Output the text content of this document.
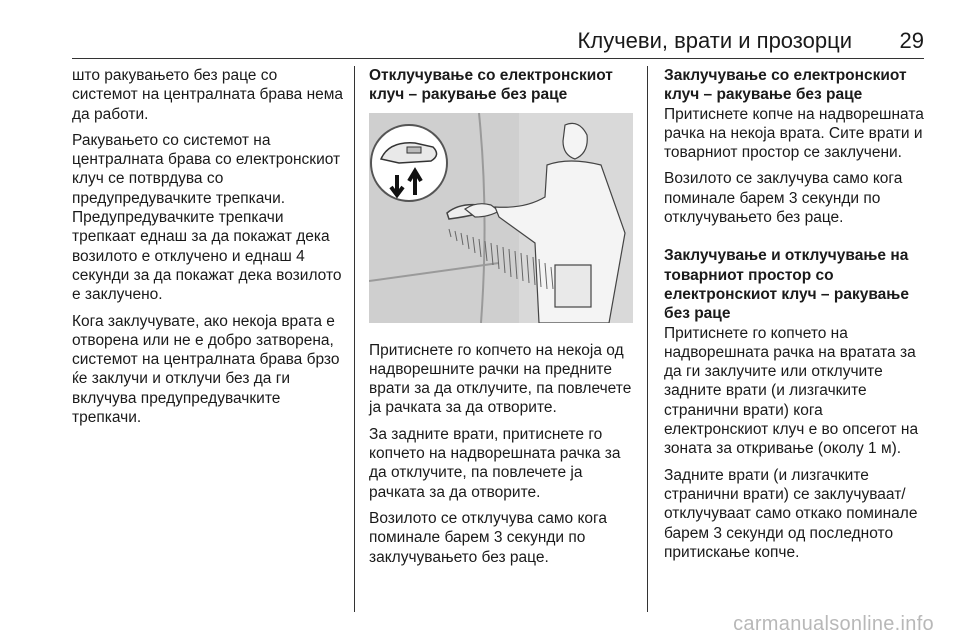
Клучеви, врати и прозорци 29

што ракувањето без раце со системот на централната брава нема да работи.

Ракувањето со системот на централната брава со електронскиот клуч се потврдува со предупредувачките трепкачи. Предупредувачките трепкачи трепкаат еднаш за да покажат дека возилото е отклучено и еднаш 4 секунди за да покажат дека возилото е заклучено.

Кога заклучувате, ако некоја врата е отворена или не е добро затворена, системот на централната брава брзо ќе заклучи и отклучи без да ги вклучува предупредувачките трепкачи.

Отклучување со електронскиот клуч – ракување без раце

Притиснете го копчето на некоја од надворешните рачки на предните врати за да отклучите, па повлечете ја рачката за да отворите.

За задните врати, притиснете го копчето на надворешната рачка за да отклучите, па повлечете ја рачката за да отворите.

Возилото се отклучува само кога поминале барем 3 секунди по заклучувањето без раце.

Заклучување со електронскиот клуч – ракување без раце

Притиснете копче на надворешната рачка на некоја врата. Сите врати и товарниот простор се заклучени.

Возилото се заклучува само кога поминале барем 3 секунди по отклучувањето без раце.

Заклучување и отклучување на товарниот простор со електронскиот клуч – ракување без раце

Притиснете го копчето на надворешната рачка на вратата за да ги заклучите или отклучите задните врати (и лизгачките странични врати) кога електронскиот клуч е во опсегот на зоната за откривање (околу 1 м).

Задните врати (и лизгачките странични врати) се заклучуваат/ отклучуваат само откако поминале барем 3 секунди од последното притискање копче.

carmanualsonline.info
